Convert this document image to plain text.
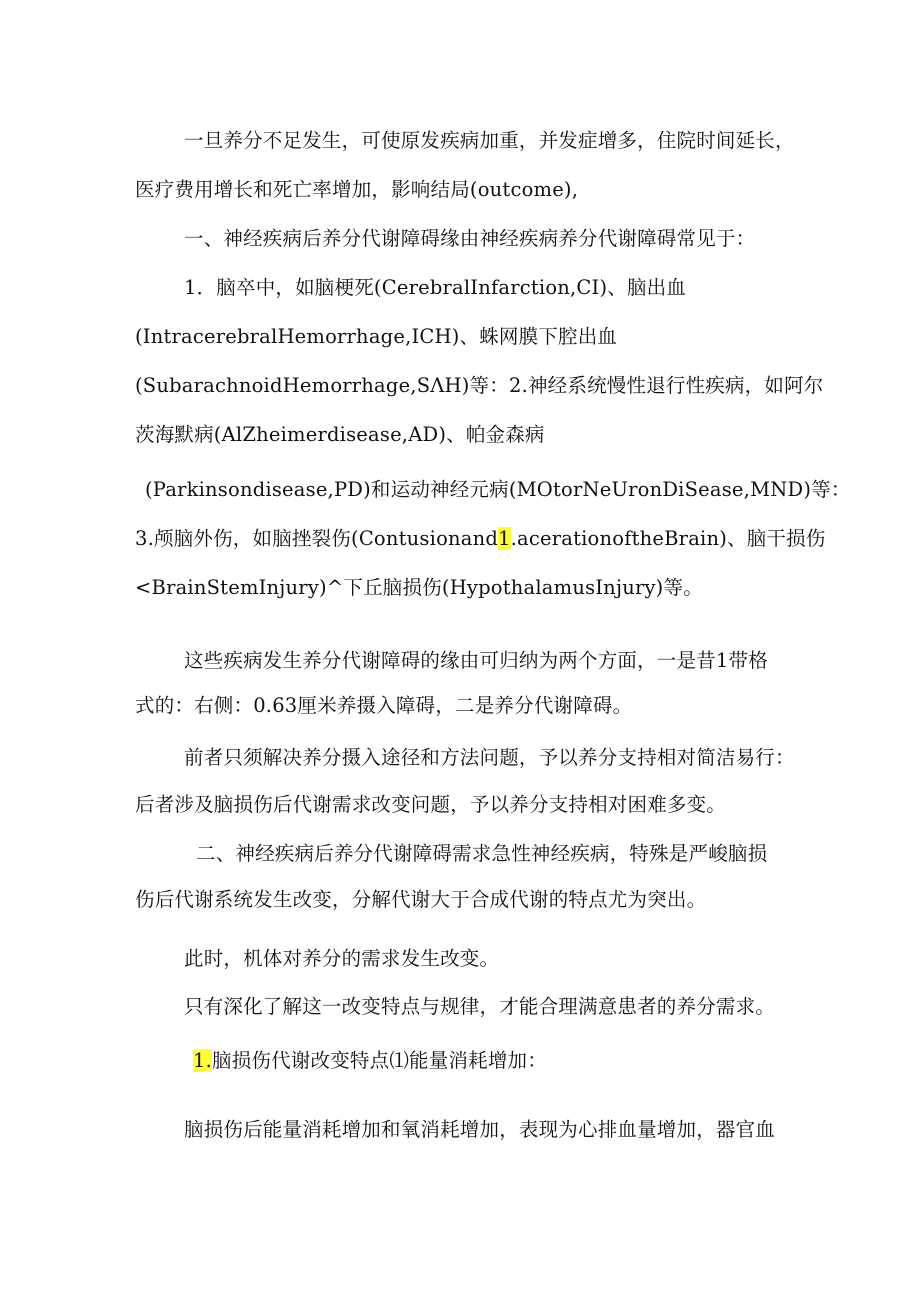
一旦养分不足发生，可使原发疾病加重，并发症增多，住院时间延长，
医疗费用增长和死亡率增加，影响结局(outcome),
一、神经疾病后养分代谢障碍缘由神经疾病养分代谢障碍常见于：
1．脑卒中，如脑梗死(CerebralInfarction,CI)、脑出血
(IntracerebralHemorrhage,ICH)、蛛网膜下腔出血
(SubarachnoidHemorrhage,SΛH)等：2.神经系统慢性退行性疾病，如阿尔
茨海默病(AlZheimerdisease,AD)、帕金森病
(Parkinsondisease,PD)和运动神经元病(MOtorNeUronDiSease,MND)等：
3.颅脑外伤，如脑挫裂伤(Contusionand1.acerationoftheBrain)、脑干损伤
<BrainStemInjury)^下丘脑损伤(HypothalamusInjury)等。
这些疾病发生养分代谢障碍的缘由可归纳为两个方面，一是昔1带格
式的：右侧：0.63厘米养摄入障碍，二是养分代谢障碍。
前者只须解决养分摄入途径和方法问题，予以养分支持相对简洁易行：
后者涉及脑损伤后代谢需求改变问题，予以养分支持相对困难多变。
二、神经疾病后养分代谢障碍需求急性神经疾病，特殊是严峻脑损
伤后代谢系统发生改变，分解代谢大于合成代谢的特点尤为突出。
此时，机体对养分的需求发生改变。
只有深化了解这一改变特点与规律，才能合理满意患者的养分需求。
1.脑损伤代谢改变特点⑴能量消耗增加：
脑损伤后能量消耗增加和氧消耗增加，表现为心排血量增加，器官血
